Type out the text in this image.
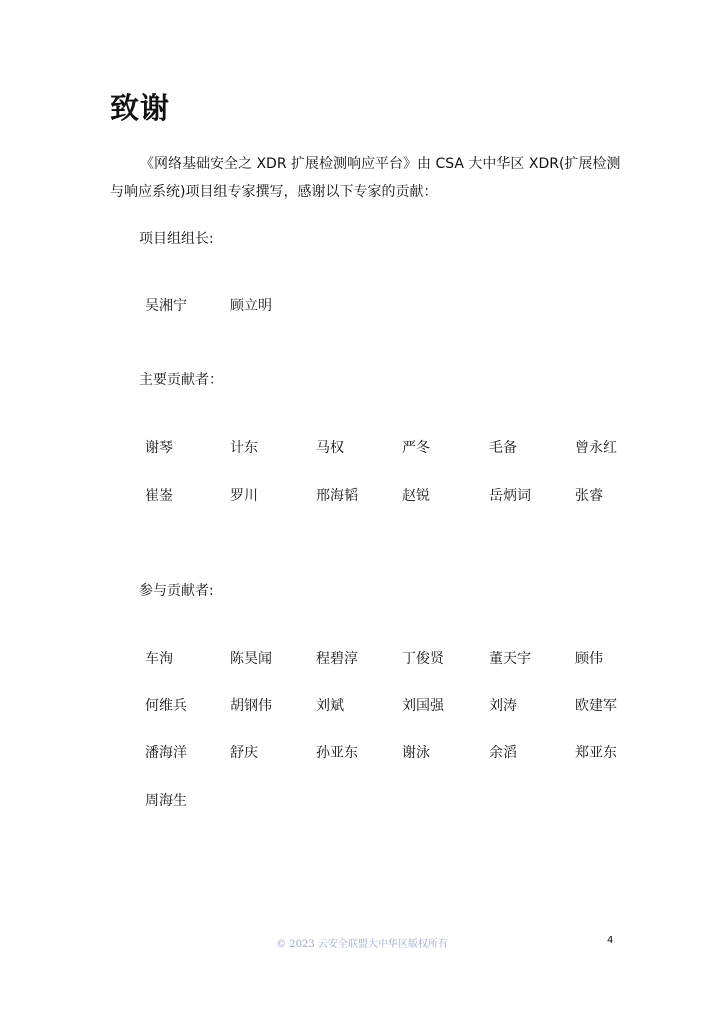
致谢
《网络基础安全之 XDR 扩展检测响应平台》由 CSA 大中华区 XDR(扩展检测与响应系统)项目组专家撰写，感谢以下专家的贡献：
项目组组长:
吴湘宁	顾立明
主要贡献者：
谢琴	计东	马权	严冬	毛备	曾永红
崔崟	罗川	邢海韬	赵锐	岳炳词	张睿
参与贡献者:
车洵	陈昊闻	程碧淳	丁俊贤	董天宇	顾伟
何维兵	胡钢伟	刘斌	刘国强	刘涛	欧建军
潘海洋	舒庆	孙亚东	谢泳	余滔	郑亚东
周海生
© 2023 云安全联盟大中华区版权所有	4
